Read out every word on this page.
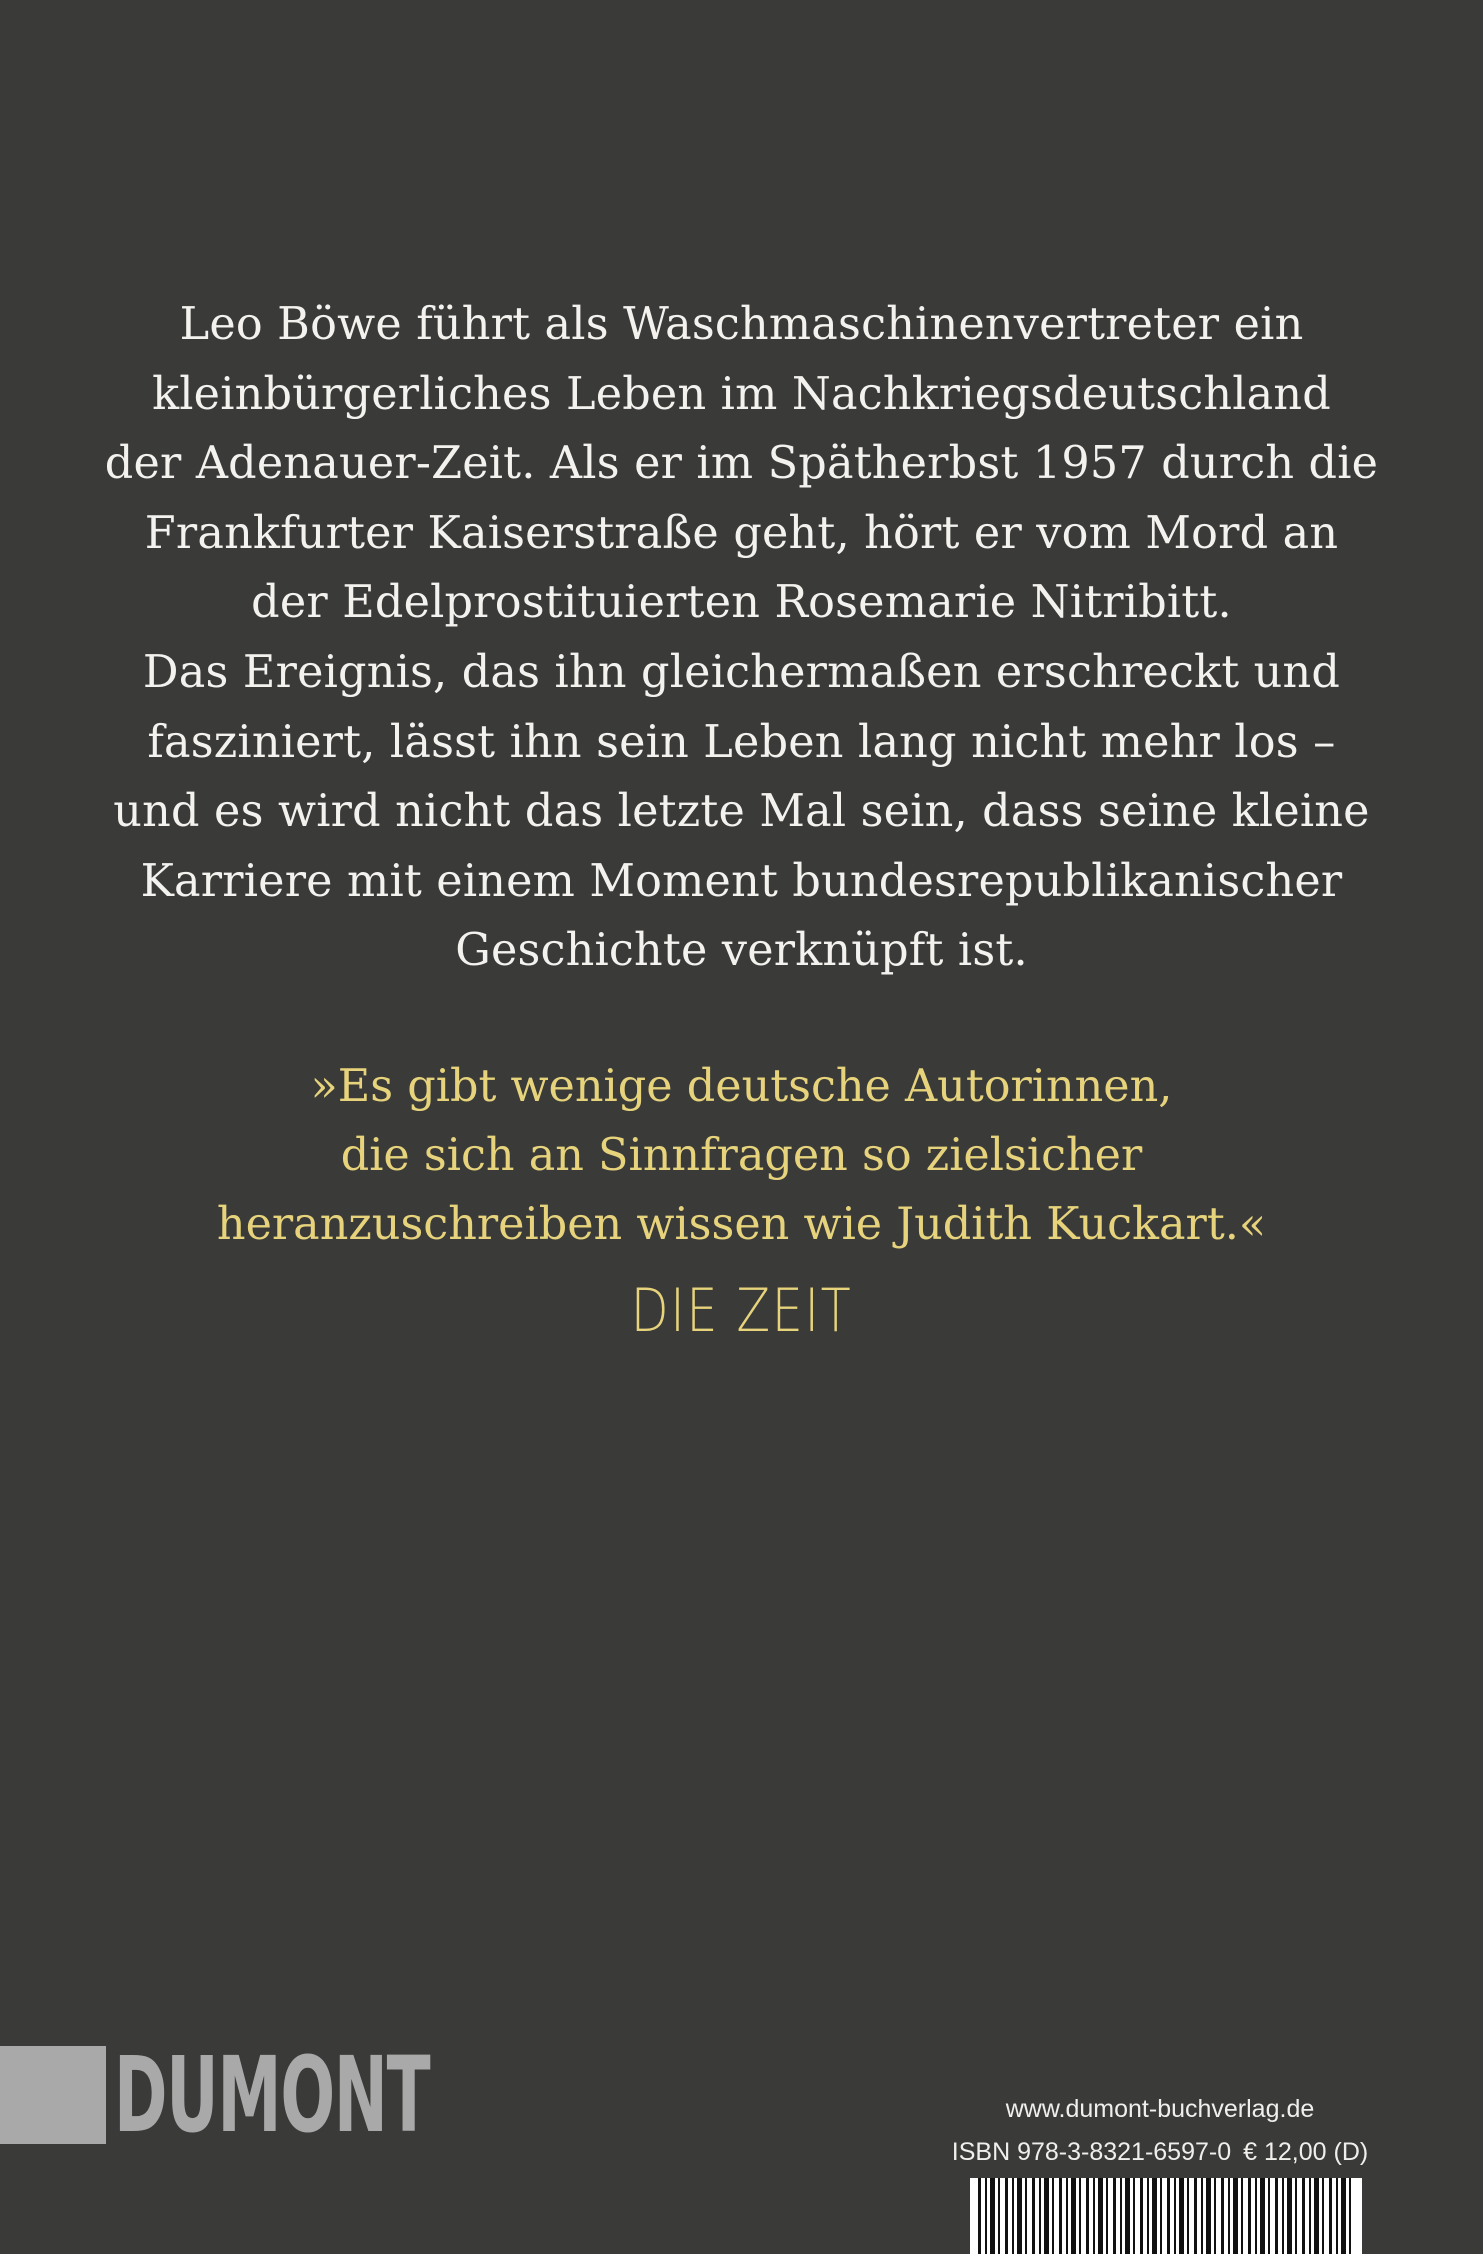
Leo Böwe führt als Waschmaschinenvertreter ein
kleinbürgerliches Leben im Nachkriegsdeutschland
der Adenauer-Zeit. Als er im Spätherbst 1957 durch die
Frankfurter Kaiserstraße geht, hört er vom Mord an
der Edelprostituierten Rosemarie Nitribitt.
Das Ereignis, das ihn gleichermaßen erschreckt und
fasziniert, lässt ihn sein Leben lang nicht mehr los –
und es wird nicht das letzte Mal sein, dass seine kleine
Karriere mit einem Moment bundesrepublikanischer
Geschichte verknüpft ist.
»Es gibt wenige deutsche Autorinnen,
die sich an Sinnfragen so zielsicher
heranzuschreiben wissen wie Judith Kuckart.«
DIE ZEIT
DUMONT	www.dumont-buchverlag.de
ISBN 978-3-8321-6597-0 € 12,00 (D)
